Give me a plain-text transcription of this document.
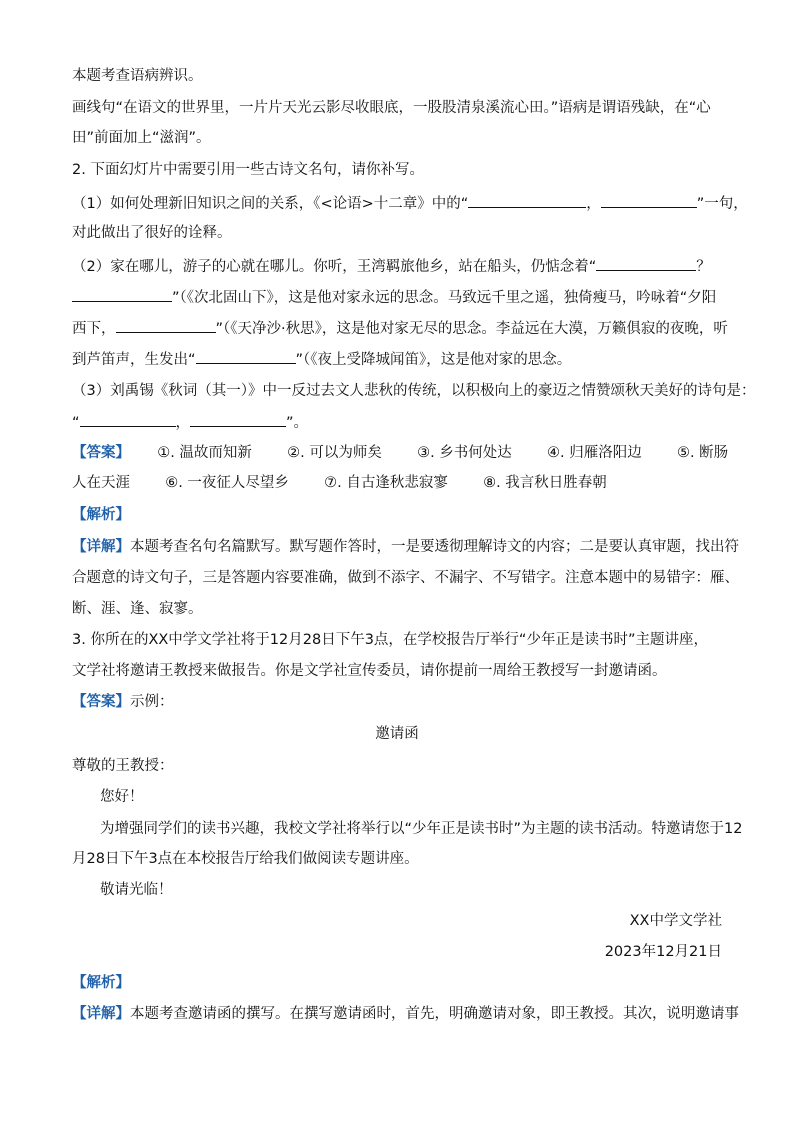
本题考查语病辨识。
画线句“在语文的世界里，一片片天光云影尽收眼底，一股股清泉溪流心田。”语病是谓语残缺，在“心
田”前面加上“滋润”。
2. 下面幻灯片中需要引用一些古诗文名句，请你补写。
（1）如何处理新旧知识之间的关系，《<论语>十二章》中的“	，	”一句，
对此做出了很好的诠释。
（2）家在哪儿，游子的心就在哪儿。你听，王湾羁旅他乡，站在船头，仍惦念着“	？
”（《次北固山下》，这是他对家永远的思念。马致远千里之遥，独倚瘦马，吟咏着“夕阳
西下，	”（《天净沙·秋思》，这是他对家无尽的思念。李益远在大漠，万籁俱寂的夜晚，听
到芦笛声，生发出“	”（《夜上受降城闻笛》，这是他对家的思念。
（3）刘禹锡《秋词（其一）》中一反过去文人悲秋的传统，以积极向上的豪迈之情赞颂秋天美好的诗句是：
“	，	”。
【答案】 ①. 温故而知新 ②. 可以为师矣 ③. 乡书何处达 ④. 归雁洛阳边 ⑤. 断肠
人在天涯 ⑥. 一夜征人尽望乡 ⑦. 自古逢秋悲寂寥 ⑧. 我言秋日胜春朝
【解析】
【详解】本题考查名句名篇默写。默写题作答时，一是要透彻理解诗文的内容；二是要认真审题，找出符
合题意的诗文句子，三是答题内容要准确，做到不添字、不漏字、不写错字。注意本题中的易错字：雁、
断、涯、逢、寂寥。
3. 你所在的XX中学文学社将于12月28日下午3点，在学校报告厅举行“少年正是读书时”主题讲座，
文学社将邀请王教授来做报告。你是文学社宣传委员，请你提前一周给王教授写一封邀请函。
【答案】示例：
邀请函
尊敬的王教授：
您好！
为增强同学们的读书兴趣，我校文学社将举行以“少年正是读书时”为主题的读书活动。特邀请您于12
月28日下午3点在本校报告厅给我们做阅读专题讲座。
敬请光临！
XX中学文学社
2023年12月21日
【解析】
【详解】本题考查邀请函的撰写。在撰写邀请函时，首先，明确邀请对象，即王教授。其次，说明邀请事
